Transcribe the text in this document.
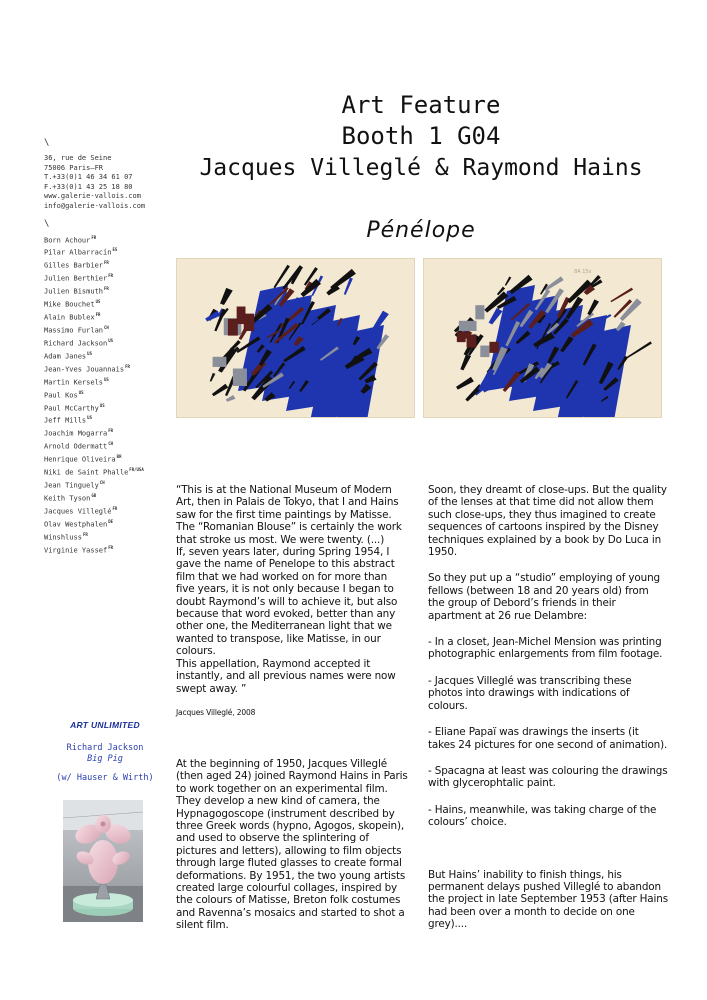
\
36, rue de Seine
75006 Paris—FR
T.+33(0)1 46 34 61 07
F.+33(0)1 43 25 18 80
www.galerie-vallois.com
info@galerie-vallois.com
\
Born Achour$^{FR}$
Pilar Albarracín$^{ES}$
Gilles Barbier$^{FR}$
Julien Berthier$^{FR}$
Julien Bismuth$^{FR}$
Mike Bouchet$^{US}$
Alain Bublex$^{FR}$
Massimo Furlan$^{CH}$
Richard Jackson$^{US}$
Adam Janes$^{US}$
Jean-Yves Jouannais$^{FR}$
Martin Kersels$^{US}$
Paul Kos$^{US}$
Paul McCarthy$^{US}$
Jeff Mills$^{US}$
Joachim Mogarra$^{FR}$
Arnold Odermatt$^{CH}$
Henrique Oliveira$^{BR}$
Niki de Saint Phalle$^{FR/USA}$
Jean Tinguely$^{CH}$
Keith Tyson$^{GB}$
Jacques Villeglé$^{FR}$
Olav Westphalen$^{DE}$
Winshluss$^{FR}$
Virginie Yassef$^{FR}$
Art Feature
Booth 1 G04
Jacques Villeglé & Raymond Hains
Pénélope
8A 15x

“This is at the National Museum of Modern Art, then in Palais de Tokyo, that I and Hains saw for the first time paintings by Matisse. The “Romanian Blouse” is certainly the work that stroke us most. We were twenty. (...)

If, seven years later, during Spring 1954, I gave the name of Penelope to this abstract film that we had worked on for more than five years, it is not only because I began to doubt Raymond’s will to achieve it, but also because that word evoked, better than any other one, the Mediterranean light that we wanted to transpose, like Matisse, in our colours.

This appellation, Raymond accepted it instantly, and all previous names were now swept away. ”

Jacques Villeglé, 2008
At the beginning of 1950, Jacques Villeglé (then aged 24) joined Raymond Hains in Paris to work together on an experimental film. They develop a new kind of camera, the Hypnagogoscope (instrument described by three Greek words (hypno, Agogos, skopein), and used to observe the splintering of pictures and letters), allowing to film objects through large fluted glasses to create formal deformations. By 1951, the two young artists created large colourful collages, inspired by the colours of Matisse, Breton folk costumes and Ravenna’s mosaics and started to shot a silent film.

Soon, they dreamt of close-ups. But the quality of the lenses at that time did not allow them such close-ups, they thus imagined to create sequences of cartoons inspired by the Disney techniques explained by a book by Do Luca in 1950.

So they put up a “studio” employing of young fellows (between 18 and 20 years old) from the group of Debord’s friends in their apartment at 26 rue Delambre:

- In a closet, Jean-Michel Mension was printing photographic enlargements from film footage.

- Jacques Villeglé was transcribing these photos into drawings with indications of colours.

- Eliane Papaï was drawings the inserts (it takes 24 pictures for one second of animation).

- Spacagna at least was colouring the drawings with glycerophtalic paint.

- Hains, meanwhile, was taking charge of the colours’ choice.

But Hains’ inability to finish things, his permanent delays pushed Villeglé to abandon the project in late September 1953 (after Hains had been over a month to decide on one grey)....

ART UNLIMITED
Richard Jackson
Big Pig
(w/ Hauser & Wirth)
